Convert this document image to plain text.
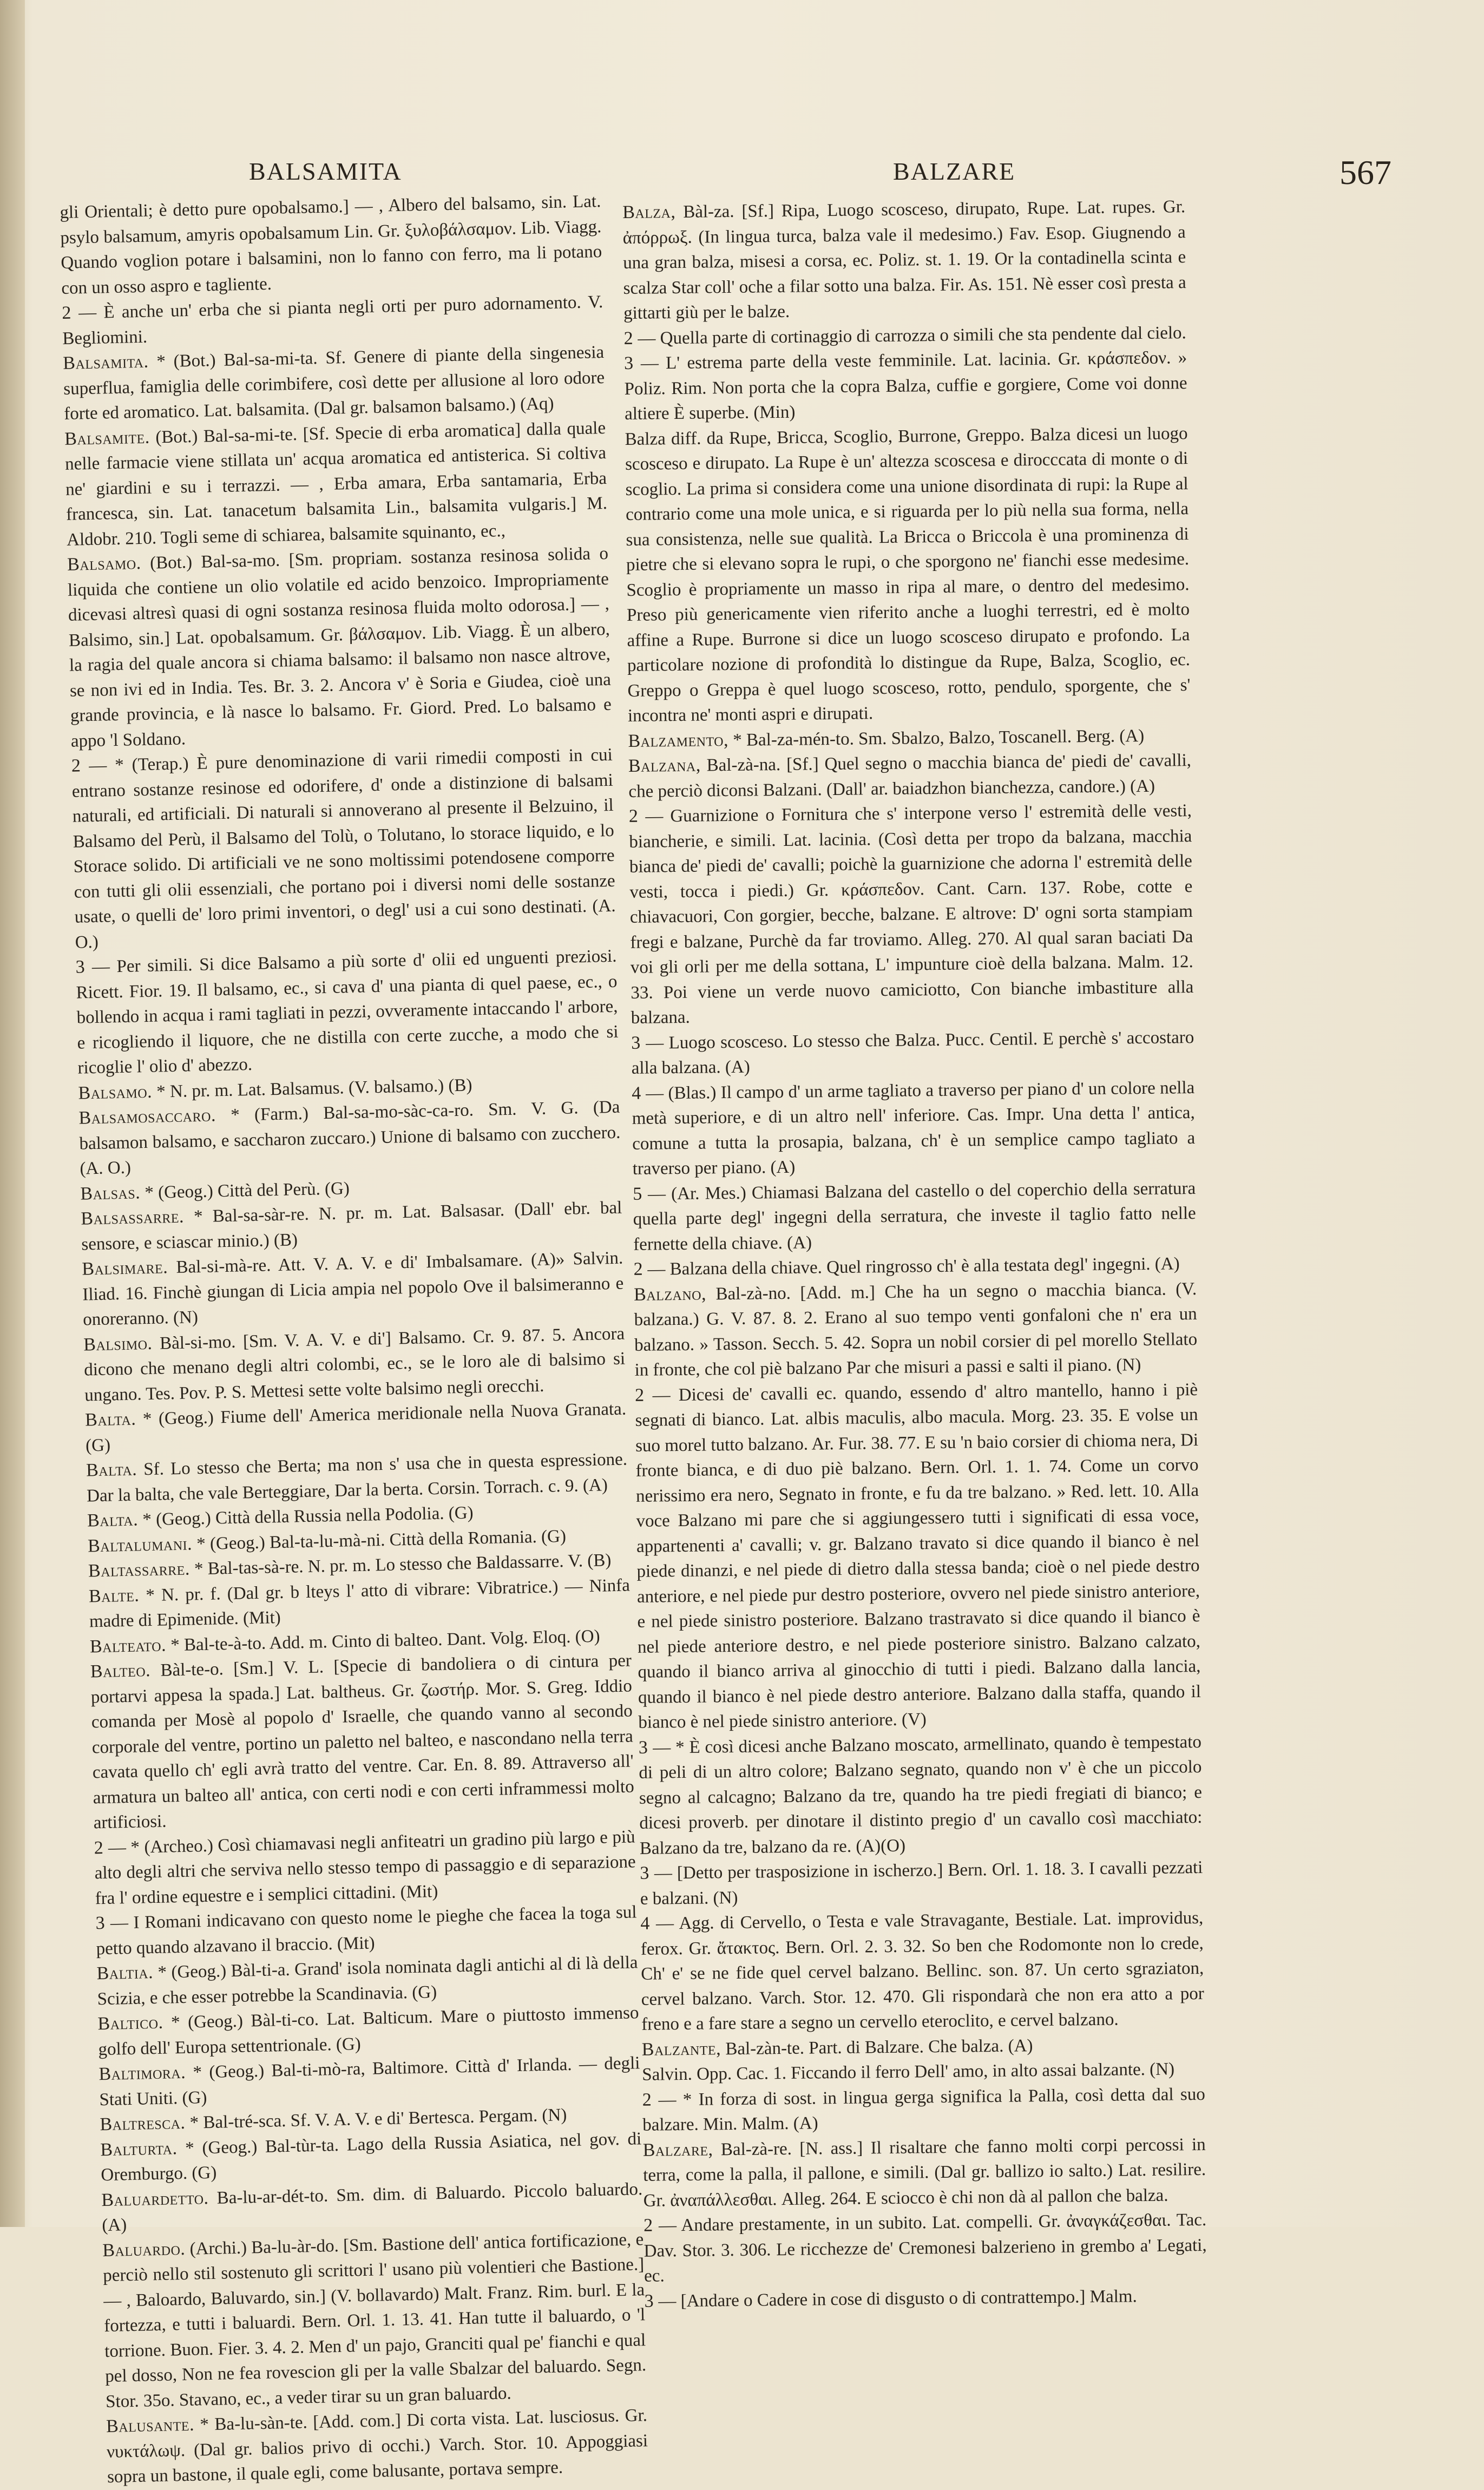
BALSAMITA	BALZARE	567

gli Orientali; è detto pure opobalsamo.] — , Albero del balsamo, sin. Lat. psylo balsamum, amyris opobalsamum Lin. Gr. ξυλοβάλσαμον. Lib. Viagg. Quando voglion potare i balsamini, non lo fanno con ferro, ma li potano con un osso aspro e tagliente.

2 — È anche un' erba che si pianta negli orti per puro adornamento. V. Begliomini.

Balsamita. * (Bot.) Bal-sa-mi-ta. Sf. Genere di piante della singenesia superflua, famiglia delle corimbifere, così dette per allusione al loro odore forte ed aromatico. Lat. balsamita. (Dal gr. balsamon balsamo.) (Aq)

Balsamite. (Bot.) Bal-sa-mi-te. [Sf. Specie di erba aromatica] dalla quale nelle farmacie viene stillata un' acqua aromatica ed antisterica. Si coltiva ne' giardini e su i terrazzi. — , Erba amara, Erba santamaria, Erba francesca, sin. Lat. tanacetum balsamita Lin., balsamita vulgaris.] M. Aldobr. 210. Togli seme di schiarea, balsamite squinanto, ec.,

Balsamo. (Bot.) Bal-sa-mo. [Sm. propriam. sostanza resinosa solida o liquida che contiene un olio volatile ed acido benzoico. Impropriamente dicevasi altresì quasi di ogni sostanza resinosa fluida molto odorosa.] — , Balsimo, sin.] Lat. opobalsamum. Gr. βάλσαμον. Lib. Viagg. È un albero, la ragia del quale ancora si chiama balsamo: il balsamo non nasce altrove, se non ivi ed in India. Tes. Br. 3. 2. Ancora v' è Soria e Giudea, cioè una grande provincia, e là nasce lo balsamo. Fr. Giord. Pred. Lo balsamo e appo 'l Soldano.

2 — * (Terap.) È pure denominazione di varii rimedii composti in cui entrano sostanze resinose ed odorifere, d' onde a distinzione di balsami naturali, ed artificiali. Di naturali si annoverano al presente il Belzuino, il Balsamo del Perù, il Balsamo del Tolù, o Tolutano, lo storace liquido, e lo Storace solido. Di artificiali ve ne sono moltissimi potendosene comporre con tutti gli olii essenziali, che portano poi i diversi nomi delle sostanze usate, o quelli de' loro primi inventori, o degl' usi a cui sono destinati. (A. O.)

3 — Per simili. Si dice Balsamo a più sorte d' olii ed unguenti preziosi. Ricett. Fior. 19. Il balsamo, ec., si cava d' una pianta di quel paese, ec., o bollendo in acqua i rami tagliati in pezzi, ovveramente intaccando l' arbore, e ricogliendo il liquore, che ne distilla con certe zucche, a modo che si ricoglie l' olio d' abezzo.

Balsamo. * N. pr. m. Lat. Balsamus. (V. balsamo.) (B)

Balsamosaccaro. * (Farm.) Bal-sa-mo-sàc-ca-ro. Sm. V. G. (Da balsamon balsamo, e saccharon zuccaro.) Unione di balsamo con zucchero. (A. O.)

Balsas. * (Geog.) Città del Perù. (G)

Balsassarre. * Bal-sa-sàr-re. N. pr. m. Lat. Balsasar. (Dall' ebr. bal sensore, e sciascar minio.) (B)

Balsimare. Bal-si-mà-re. Att. V. A. V. e di' Imbalsamare. (A)» Salvin. Iliad. 16. Finchè giungan di Licia ampia nel popolo Ove il balsimeranno e onoreranno. (N)

Balsimo. Bàl-si-mo. [Sm. V. A. V. e di'] Balsamo. Cr. 9. 87. 5. Ancora dicono che menano degli altri colombi, ec., se le loro ale di balsimo si ungano. Tes. Pov. P. S. Mettesi sette volte balsimo negli orecchi.

Balta. * (Geog.) Fiume dell' America meridionale nella Nuova Granata. (G)

Balta. Sf. Lo stesso che Berta; ma non s' usa che in questa espressione. Dar la balta, che vale Berteggiare, Dar la berta. Corsin. Torrach. c. 9. (A)

Balta. * (Geog.) Città della Russia nella Podolia. (G)

Baltalumani. * (Geog.) Bal-ta-lu-mà-ni. Città della Romania. (G)

Baltassarre. * Bal-tas-sà-re. N. pr. m. Lo stesso che Baldassarre. V. (B)

Balte. * N. pr. f. (Dal gr. b lteys l' atto di vibrare: Vibratrice.) — Ninfa madre di Epimenide. (Mit)

Balteato. * Bal-te-à-to. Add. m. Cinto di balteo. Dant. Volg. Eloq. (O)

Balteo. Bàl-te-o. [Sm.] V. L. [Specie di bandoliera o di cintura per portarvi appesa la spada.] Lat. baltheus. Gr. ζωστήρ. Mor. S. Greg. Iddio comanda per Mosè al popolo d' Israelle, che quando vanno al secondo corporale del ventre, portino un paletto nel balteo, e nascondano nella terra cavata quello ch' egli avrà tratto del ventre. Car. En. 8. 89. Attraverso all' armatura un balteo all' antica, con certi nodi e con certi inframmessi molto artificiosi.

2 — * (Archeo.) Così chiamavasi negli anfiteatri un gradino più largo e più alto degli altri che serviva nello stesso tempo di passaggio e di separazione fra l' ordine equestre e i semplici cittadini. (Mit)

3 — I Romani indicavano con questo nome le pieghe che facea la toga sul petto quando alzavano il braccio. (Mit)

Baltia. * (Geog.) Bàl-ti-a. Grand' isola nominata dagli antichi al di là della Scizia, e che esser potrebbe la Scandinavia. (G)

Baltico. * (Geog.) Bàl-ti-co. Lat. Balticum. Mare o piuttosto immenso golfo dell' Europa settentrionale. (G)

Baltimora. * (Geog.) Bal-ti-mò-ra, Baltimore. Città d' Irlanda. — degli Stati Uniti. (G)

Baltresca. * Bal-tré-sca. Sf. V. A. V. e di' Bertesca. Pergam. (N)

Balturta. * (Geog.) Bal-tùr-ta. Lago della Russia Asiatica, nel gov. di Oremburgo. (G)

Baluardetto. Ba-lu-ar-dét-to. Sm. dim. di Baluardo. Piccolo baluardo. (A)

Baluardo. (Archi.) Ba-lu-àr-do. [Sm. Bastione dell' antica fortificazione, e perciò nello stil sostenuto gli scrittori l' usano più volentieri che Bastione.] — , Baloardo, Baluvardo, sin.] (V. bollavardo) Malt. Franz. Rim. burl. E la fortezza, e tutti i baluardi. Bern. Orl. 1. 13. 41. Han tutte il baluardo, o 'l torrione. Buon. Fier. 3. 4. 2. Men d' un pajo, Granciti qual pe' fianchi e qual pel dosso, Non ne fea rovescion gli per la valle Sbalzar del baluardo. Segn. Stor. 35o. Stavano, ec., a veder tirar su un gran baluardo.

Balusante. * Ba-lu-sàn-te. [Add. com.] Di corta vista. Lat. lusciosus. Gr. νυκτάλωψ. (Dal gr. balios privo di occhi.) Varch. Stor. 10. Appoggiasi sopra un bastone, il quale egli, come balusante, portava sempre.

Balza, Bàl-za. [Sf.] Ripa, Luogo scosceso, dirupato, Rupe. Lat. rupes. Gr. ἀπόρρωξ. (In lingua turca, balza vale il medesimo.) Fav. Esop. Giugnendo a una gran balza, misesi a corsa, ec. Poliz. st. 1. 19. Or la contadinella scinta e scalza Star coll' oche a filar sotto una balza. Fir. As. 151. Nè esser così presta a gittarti giù per le balze.

2 — Quella parte di cortinaggio di carrozza o simili che sta pendente dal cielo.

3 — L' estrema parte della veste femminile. Lat. lacinia. Gr. κράσπεδον. » Poliz. Rim. Non porta che la copra Balza, cuffie e gorgiere, Come voi donne altiere È superbe. (Min)

Balza diff. da Rupe, Bricca, Scoglio, Burrone, Greppo. Balza dicesi un luogo scosceso e dirupato. La Rupe è un' altezza scoscesa e dirocccata di monte o di scoglio. La prima si considera come una unione disordinata di rupi: la Rupe al contrario come una mole unica, e si riguarda per lo più nella sua forma, nella sua consistenza, nelle sue qualità. La Bricca o Briccola è una prominenza di pietre che si elevano sopra le rupi, o che sporgono ne' fianchi esse medesime. Scoglio è propriamente un masso in ripa al mare, o dentro del medesimo. Preso più genericamente vien riferito anche a luoghi terrestri, ed è molto affine a Rupe. Burrone si dice un luogo scosceso dirupato e profondo. La particolare nozione di profondità lo distingue da Rupe, Balza, Scoglio, ec. Greppo o Greppa è quel luogo scosceso, rotto, pendulo, sporgente, che s' incontra ne' monti aspri e dirupati.

Balzamento, * Bal-za-mén-to. Sm. Sbalzo, Balzo, Toscanell. Berg. (A)

Balzana, Bal-zà-na. [Sf.] Quel segno o macchia bianca de' piedi de' cavalli, che perciò diconsi Balzani. (Dall' ar. baiadzhon bianchezza, candore.) (A)

2 — Guarnizione o Fornitura che s' interpone verso l' estremità delle vesti, biancherie, e simili. Lat. lacinia. (Così detta per tropo da balzana, macchia bianca de' piedi de' cavalli; poichè la guarnizione che adorna l' estremità delle vesti, tocca i piedi.) Gr. κράσπεδον. Cant. Carn. 137. Robe, cotte e chiavacuori, Con gorgier, becche, balzane. E altrove: D' ogni sorta stampiam fregi e balzane, Purchè da far troviamo. Alleg. 270. Al qual saran baciati Da voi gli orli per me della sottana, L' impunture cioè della balzana. Malm. 12. 33. Poi viene un verde nuovo camiciotto, Con bianche imbastiture alla balzana.

3 — Luogo scosceso. Lo stesso che Balza. Pucc. Centil. E perchè s' accostaro alla balzana. (A)

4 — (Blas.) Il campo d' un arme tagliato a traverso per piano d' un colore nella metà superiore, e di un altro nell' inferiore. Cas. Impr. Una detta l' antica, comune a tutta la prosapia, balzana, ch' è un semplice campo tagliato a traverso per piano. (A)

5 — (Ar. Mes.) Chiamasi Balzana del castello o del coperchio della serratura quella parte degl' ingegni della serratura, che investe il taglio fatto nelle fernette della chiave. (A)

2 — Balzana della chiave. Quel ringrosso ch' è alla testata degl' ingegni. (A)

Balzano, Bal-zà-no. [Add. m.] Che ha un segno o macchia bianca. (V. balzana.) G. V. 87. 8. 2. Erano al suo tempo venti gonfaloni che n' era un balzano. » Tasson. Secch. 5. 42. Sopra un nobil corsier di pel morello Stellato in fronte, che col piè balzano Par che misuri a passi e salti il piano. (N)

2 — Dicesi de' cavalli ec. quando, essendo d' altro mantello, hanno i piè segnati di bianco. Lat. albis maculis, albo macula. Morg. 23. 35. E volse un suo morel tutto balzano. Ar. Fur. 38. 77. E su 'n baio corsier di chioma nera, Di fronte bianca, e di duo piè balzano. Bern. Orl. 1. 1. 74. Come un corvo nerissimo era nero, Segnato in fronte, e fu da tre balzano. » Red. lett. 10. Alla voce Balzano mi pare che si aggiungessero tutti i significati di essa voce, appartenenti a' cavalli; v. gr. Balzano travato si dice quando il bianco è nel piede dinanzi, e nel piede di dietro dalla stessa banda; cioè o nel piede destro anteriore, e nel piede pur destro posteriore, ovvero nel piede sinistro anteriore, e nel piede sinistro posteriore. Balzano trastravato si dice quando il bianco è nel piede anteriore destro, e nel piede posteriore sinistro. Balzano calzato, quando il bianco arriva al ginocchio di tutti i piedi. Balzano dalla lancia, quando il bianco è nel piede destro anteriore. Balzano dalla staffa, quando il bianco è nel piede sinistro anteriore. (V)

3 — * È così dicesi anche Balzano moscato, armellinato, quando è tempestato di peli di un altro colore; Balzano segnato, quando non v' è che un piccolo segno al calcagno; Balzano da tre, quando ha tre piedi fregiati di bianco; e dicesi proverb. per dinotare il distinto pregio d' un cavallo così macchiato: Balzano da tre, balzano da re. (A)(O)

3 — [Detto per trasposizione in ischerzo.] Bern. Orl. 1. 18. 3. I cavalli pezzati e balzani. (N)

4 — Agg. di Cervello, o Testa e vale Stravagante, Bestiale. Lat. improvidus, ferox. Gr. ἄτακτος. Bern. Orl. 2. 3. 32. So ben che Rodomonte non lo crede, Ch' e' se ne fide quel cervel balzano. Bellinc. son. 87. Un certo sgraziaton, cervel balzano. Varch. Stor. 12. 470. Gli rispondarà che non era atto a por freno e a fare stare a segno un cervello eteroclito, e cervel balzano.

Balzante, Bal-zàn-te. Part. di Balzare. Che balza. (A)

Salvin. Opp. Cac. 1. Ficcando il ferro Dell' amo, in alto assai balzante. (N)

2 — * In forza di sost. in lingua gerga significa la Palla, così detta dal suo balzare. Min. Malm. (A)

Balzare, Bal-zà-re. [N. ass.] Il risaltare che fanno molti corpi percossi in terra, come la palla, il pallone, e simili. (Dal gr. ballizo io salto.) Lat. resilire. Gr. ἀναπάλλεσθαι. Alleg. 264. E sciocco è chi non dà al pallon che balza.

2 — Andare prestamente, in un subito. Lat. compelli. Gr. ἀναγκάζεσθαι. Tac. Dav. Stor. 3. 306. Le ricchezze de' Cremonesi balzerieno in grembo a' Legati, ec.

3 — [Andare o Cadere in cose di disgusto o di contrattempo.] Malm.
